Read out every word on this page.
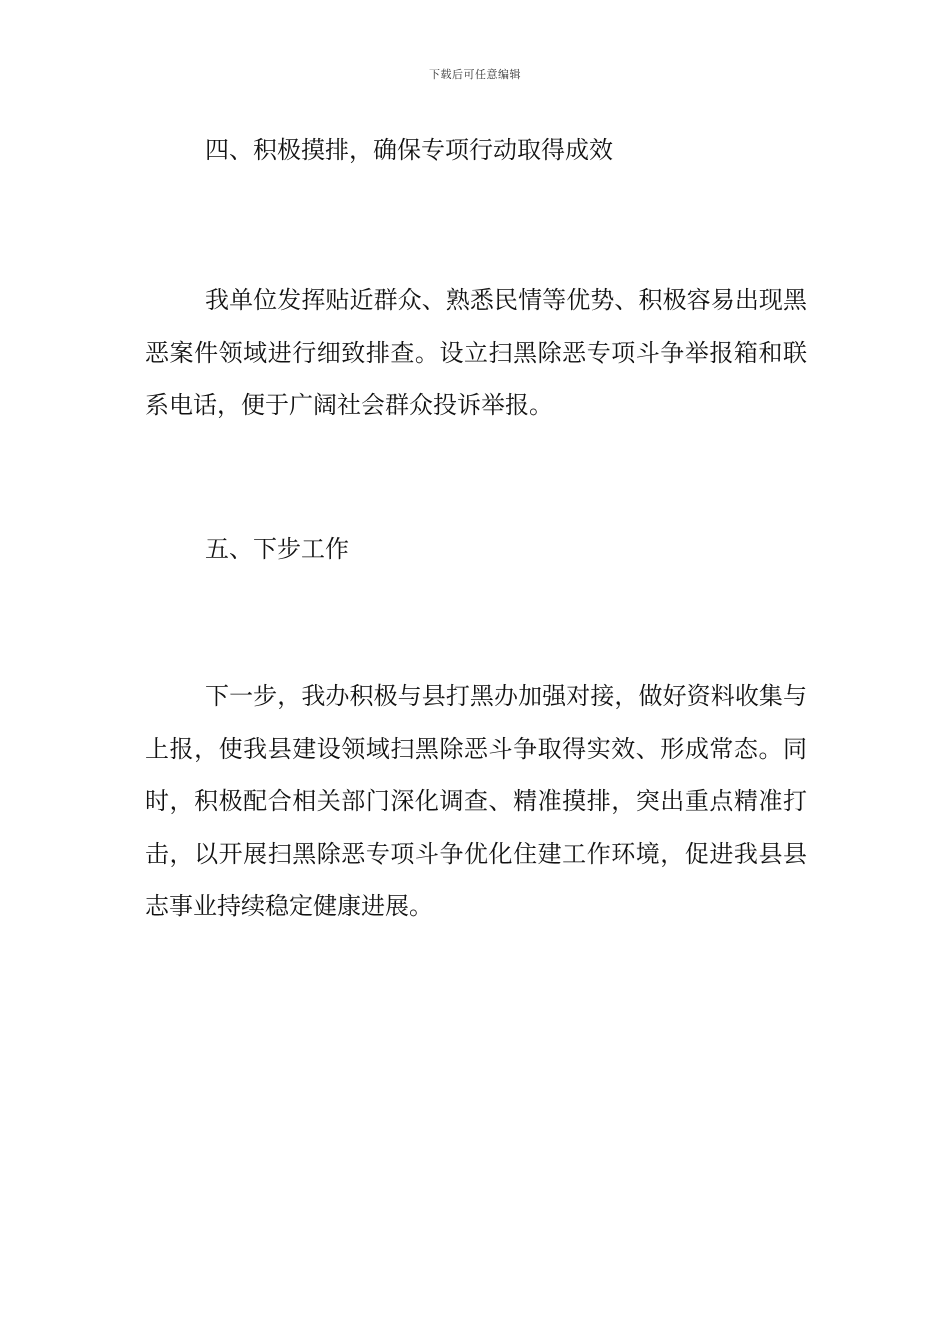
下载后可任意编辑
四、积极摸排，确保专项行动取得成效
我单位发挥贴近群众、熟悉民情等优势、积极容易出现黑恶案件领域进行细致排查。设立扫黑除恶专项斗争举报箱和联系电话，便于广阔社会群众投诉举报。
五、下步工作
下一步，我办积极与县打黑办加强对接，做好资料收集与上报，使我县建设领域扫黑除恶斗争取得实效、形成常态。同时，积极配合相关部门深化调查、精准摸排，突出重点精准打击，以开展扫黑除恶专项斗争优化住建工作环境，促进我县县志事业持续稳定健康进展。
